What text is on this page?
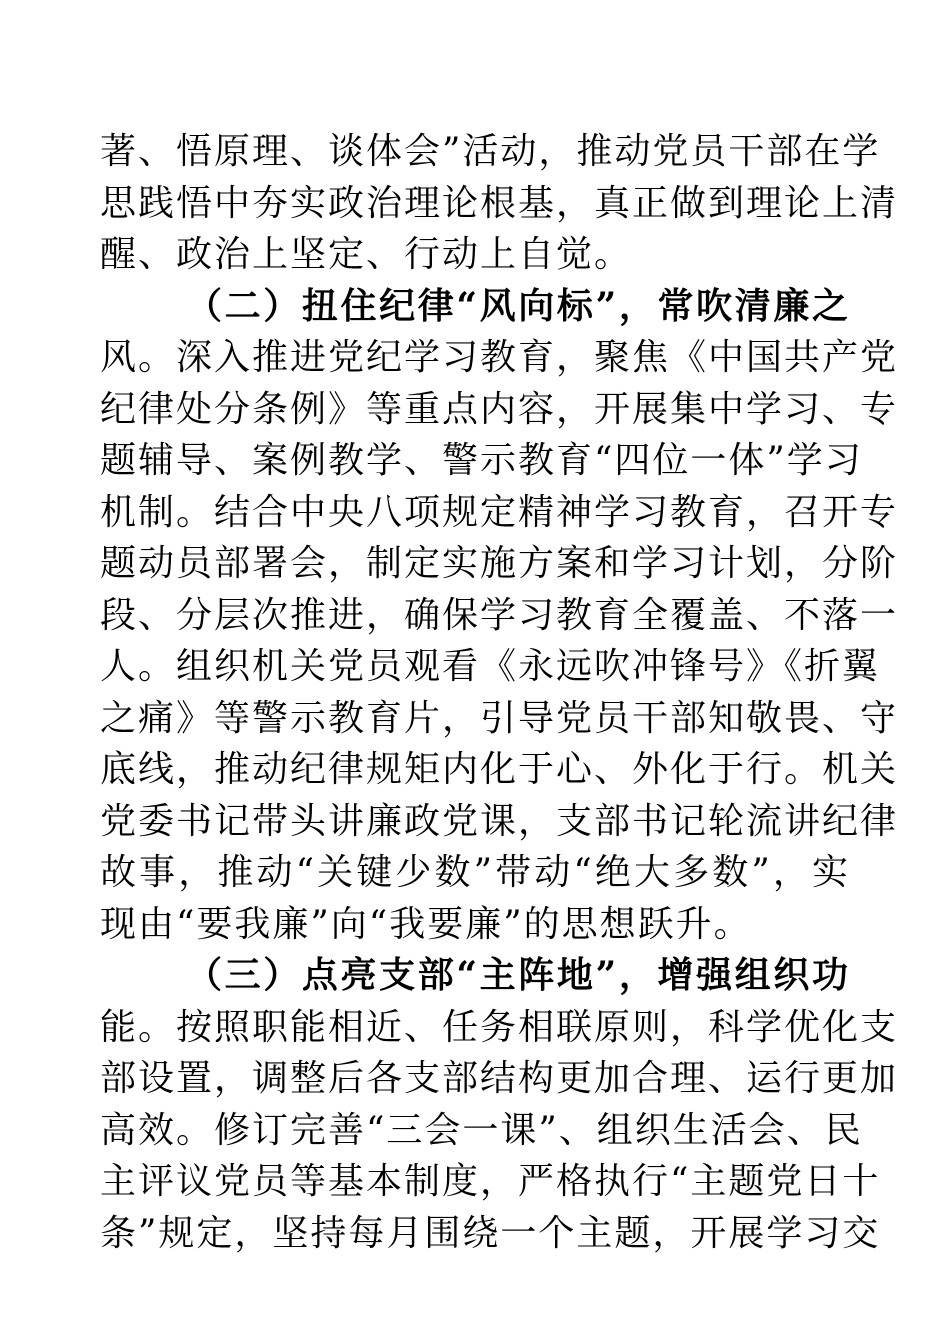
著、悟原理、谈体会”活动，推动党员干部在学
思践悟中夯实政治理论根基，真正做到理论上清
醒、政治上坚定、行动上自觉。
（二）扭住纪律“风向标”，常吹清廉之
风。深入推进党纪学习教育，聚焦《中国共产党
纪律处分条例》等重点内容，开展集中学习、专
题辅导、案例教学、警示教育“四位一体”学习
机制。结合中央八项规定精神学习教育，召开专
题动员部署会，制定实施方案和学习计划，分阶
段、分层次推进，确保学习教育全覆盖、不落一
人。组织机关党员观看《永远吹冲锋号》《折翼
之痛》等警示教育片，引导党员干部知敬畏、守
底线，推动纪律规矩内化于心、外化于行。机关
党委书记带头讲廉政党课，支部书记轮流讲纪律
故事，推动“关键少数”带动“绝大多数”，实
现由“要我廉”向“我要廉”的思想跃升。
（三）点亮支部“主阵地”，增强组织功
能。按照职能相近、任务相联原则，科学优化支
部设置，调整后各支部结构更加合理、运行更加
高效。修订完善“三会一课”、组织生活会、民
主评议党员等基本制度，严格执行“主题党日十
条”规定，坚持每月围绕一个主题，开展学习交
